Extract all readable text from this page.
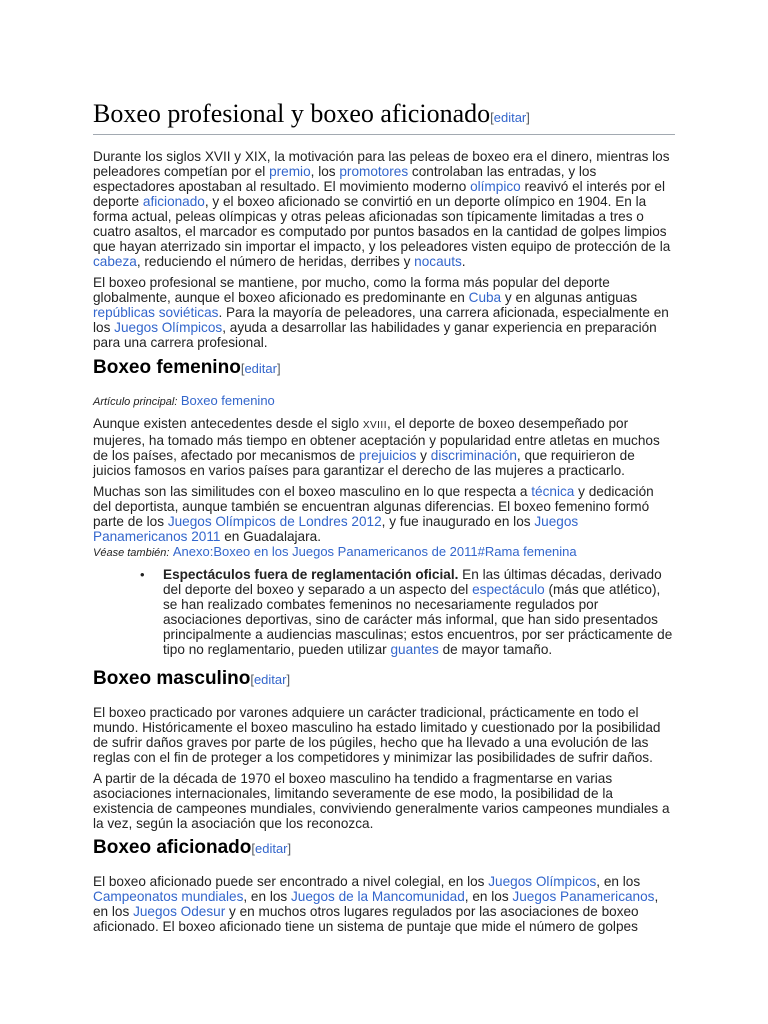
Boxeo profesional y boxeo aficionado[editar]

Durante los siglos XVII y XIX, la motivación para las peleas de boxeo era el dinero, mientras los peleadores competían por el premio, los promotores controlaban las entradas, y los espectadores apostaban al resultado. El movimiento moderno olímpico reavivó el interés por el deporte aficionado, y el boxeo aficionado se convirtió en un deporte olímpico en 1904. En la forma actual, peleas olímpicas y otras peleas aficionadas son típicamente limitadas a tres o cuatro asaltos, el marcador es computado por puntos basados en la cantidad de golpes limpios que hayan aterrizado sin importar el impacto, y los peleadores visten equipo de protección de la cabeza, reduciendo el número de heridas, derribes y nocauts.

El boxeo profesional se mantiene, por mucho, como la forma más popular del deporte globalmente, aunque el boxeo aficionado es predominante en Cuba y en algunas antiguas repúblicas soviéticas. Para la mayoría de peleadores, una carrera aficionada, especialmente en los Juegos Olímpicos, ayuda a desarrollar las habilidades y ganar experiencia en preparación para una carrera profesional.

Boxeo femenino[editar]
Artículo principal: Boxeo femenino

Aunque existen antecedentes desde el siglo XVIII, el deporte de boxeo desempeñado por mujeres, ha tomado más tiempo en obtener aceptación y popularidad entre atletas en muchos de los países, afectado por mecanismos de prejuicios y discriminación, que requirieron de juicios famosos en varios países para garantizar el derecho de las mujeres a practicarlo.

Muchas son las similitudes con el boxeo masculino en lo que respecta a técnica y dedicación del deportista, aunque también se encuentran algunas diferencias. El boxeo femenino formó parte de los Juegos Olímpicos de Londres 2012, y fue inaugurado en los Juegos Panamericanos 2011 en Guadalajara.

Véase también: Anexo:Boxeo en los Juegos Panamericanos de 2011#Rama femenina
• Espectáculos fuera de reglamentación oficial. En las últimas décadas, derivado del deporte del boxeo y separado a un aspecto del espectáculo (más que atlético), se han realizado combates femeninos no necesariamente regulados por asociaciones deportivas, sino de carácter más informal, que han sido presentados principalmente a audiencias masculinas; estos encuentros, por ser prácticamente de tipo no reglamentario, pueden utilizar guantes de mayor tamaño.
Boxeo masculino[editar]

El boxeo practicado por varones adquiere un carácter tradicional, prácticamente en todo el mundo. Históricamente el boxeo masculino ha estado limitado y cuestionado por la posibilidad de sufrir daños graves por parte de los púgiles, hecho que ha llevado a una evolución de las reglas con el fin de proteger a los competidores y minimizar las posibilidades de sufrir daños.

A partir de la década de 1970 el boxeo masculino ha tendido a fragmentarse en varias asociaciones internacionales, limitando severamente de ese modo, la posibilidad de la existencia de campeones mundiales, conviviendo generalmente varios campeones mundiales a la vez, según la asociación que los reconozca.

Boxeo aficionado[editar]

El boxeo aficionado puede ser encontrado a nivel colegial, en los Juegos Olímpicos, en los Campeonatos mundiales, en los Juegos de la Mancomunidad, en los Juegos Panamericanos, en los Juegos Odesur y en muchos otros lugares regulados por las asociaciones de boxeo aficionado. El boxeo aficionado tiene un sistema de puntaje que mide el número de golpes
